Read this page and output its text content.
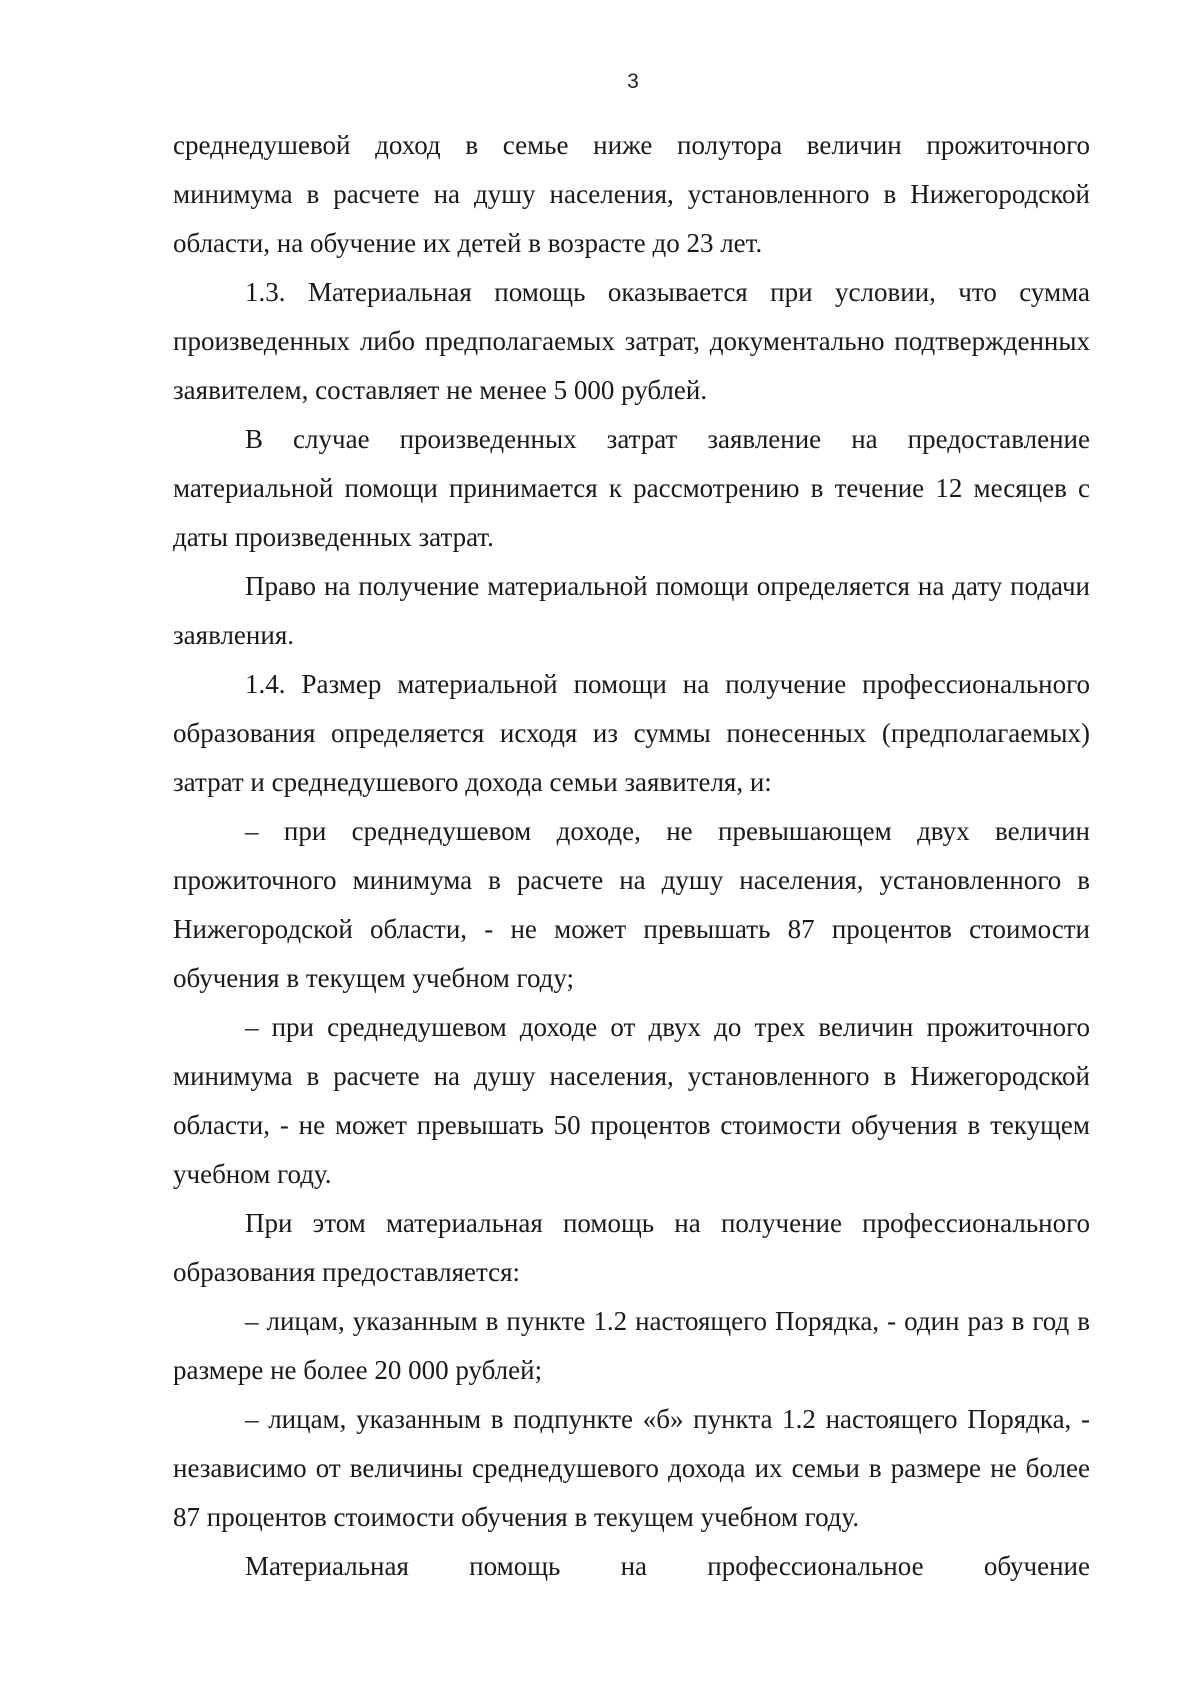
3

среднедушевой доход в семье ниже полутора величин прожиточного минимума в расчете на душу населения, установленного в Нижегородской области, на обучение их детей в возрасте до 23 лет.

1.3. Материальная помощь оказывается при условии, что сумма произведенных либо предполагаемых затрат, документально подтвержденных заявителем, составляет не менее 5 000 рублей.

В случае произведенных затрат заявление на предоставление материальной помощи принимается к рассмотрению в течение 12 месяцев с даты произведенных затрат.

Право на получение материальной помощи определяется на дату подачи заявления.

1.4. Размер материальной помощи на получение профессионального образования определяется исходя из суммы понесенных (предполагаемых) затрат и среднедушевого дохода семьи заявителя, и:

– при среднедушевом доходе, не превышающем двух величин прожиточного минимума в расчете на душу населения, установленного в Нижегородской области, - не может превышать 87 процентов стоимости обучения в текущем учебном году;

– при среднедушевом доходе от двух до трех величин прожиточного минимума в расчете на душу населения, установленного в Нижегородской области, - не может превышать 50 процентов стоимости обучения в текущем учебном году.

При этом материальная помощь на получение профессионального образования предоставляется:

– лицам, указанным в пункте 1.2 настоящего Порядка, - один раз в год в размере не более 20 000 рублей;

– лицам, указанным в подпункте «б» пункта 1.2 настоящего Порядка, - независимо от величины среднедушевого дохода их семьи в размере не более 87 процентов стоимости обучения в текущем учебном году.

Материальная помощь на профессиональное обучение
